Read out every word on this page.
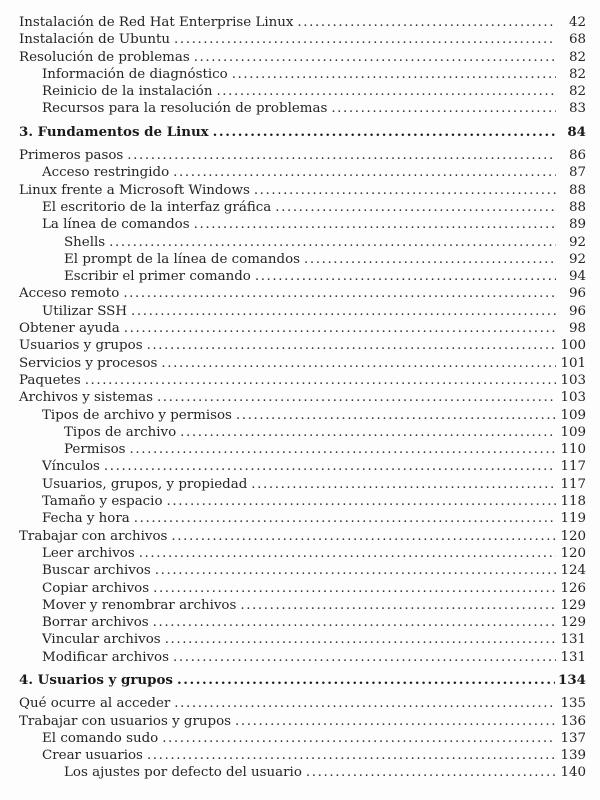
Instalación de Red Hat Enterprise Linux .....	42
Instalación de Ubuntu .....	68
Resolución de problemas .....	82
Información de diagnóstico .....	82
Reinicio de la instalación .....	82
Recursos para la resolución de problemas .....	83
3. Fundamentos de Linux .....	84
Primeros pasos .....	86
Acceso restringido .....	87
Linux frente a Microsoft Windows .....	88
El escritorio de la interfaz gráfica .....	88
La línea de comandos .....	89
Shells .....	92
El prompt de la línea de comandos .....	92
Escribir el primer comando .....	94
Acceso remoto .....	96
Utilizar SSH .....	96
Obtener ayuda .....	98
Usuarios y grupos .....	100
Servicios y procesos .....	101
Paquetes .....	103
Archivos y sistemas .....	103
Tipos de archivo y permisos .....	109
Tipos de archivo .....	109
Permisos .....	110
Vínculos .....	117
Usuarios, grupos, y propiedad .....	117
Tamaño y espacio .....	118
Fecha y hora .....	119
Trabajar con archivos .....	120
Leer archivos .....	120
Buscar archivos .....	124
Copiar archivos .....	126
Mover y renombrar archivos .....	129
Borrar archivos .....	129
Vincular archivos .....	131
Modificar archivos .....	131
4. Usuarios y grupos .....	134
Qué ocurre al acceder .....	135
Trabajar con usuarios y grupos .....	136
El comando sudo .....	137
Crear usuarios .....	139
Los ajustes por defecto del usuario .....	140
